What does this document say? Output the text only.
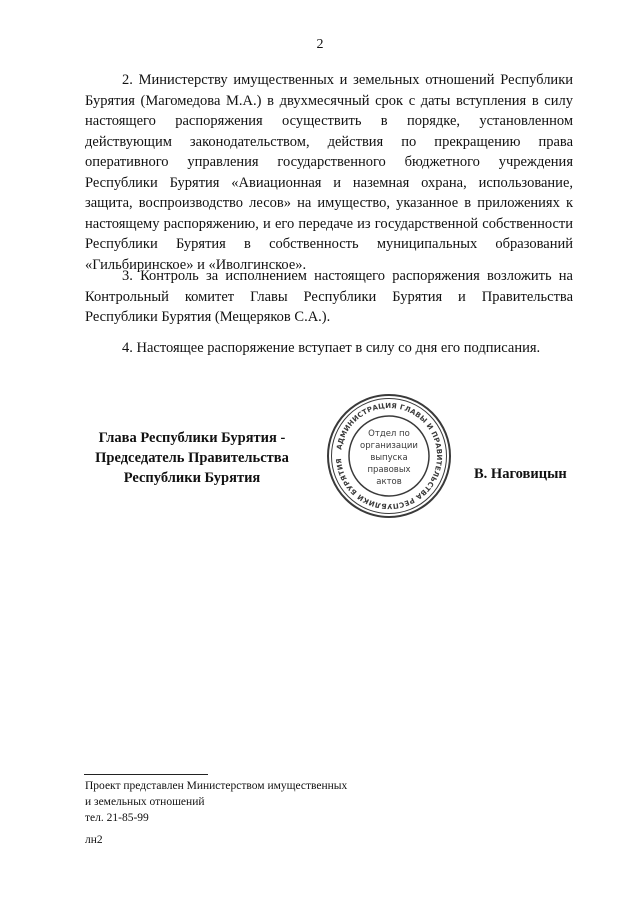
2

2. Министерству имущественных и земельных отношений Республики Бурятия (Магомедова М.А.) в двухмесячный срок с даты вступления в силу настоящего распоряжения осуществить в порядке, установленном действующим законодательством, действия по прекращению права оперативного управления государственного бюджетного учреждения Республики Бурятия «Авиационная и наземная охрана, использование, защита, воспроизводство лесов» на имущество, указанное в приложениях к настоящему распоряжению, и его передаче из государственной собственности Республики Бурятия в собственность муниципальных образований «Гильбиринское» и «Иволгинское».

3. Контроль за исполнением настоящего распоряжения возложить на Контрольный комитет Главы Республики Бурятия и Правительства Республики Бурятия (Мещеряков С.А.).

4. Настоящее распоряжение вступает в силу со дня его подписания.

Глава Республики Бурятия -
Председатель Правительства
Республики Бурятия
АДМИНИСТРАЦИЯ ГЛАВЫ И ПРАВИТЕЛЬСТВА РЕСПУБЛИКИ БУРЯТИЯ
Отдел по
организации
выпуска
правовых
актов	В. Наговицын
Проект представлен Министерством имущественных
и земельных отношений
тел. 21-85-99
лн2
